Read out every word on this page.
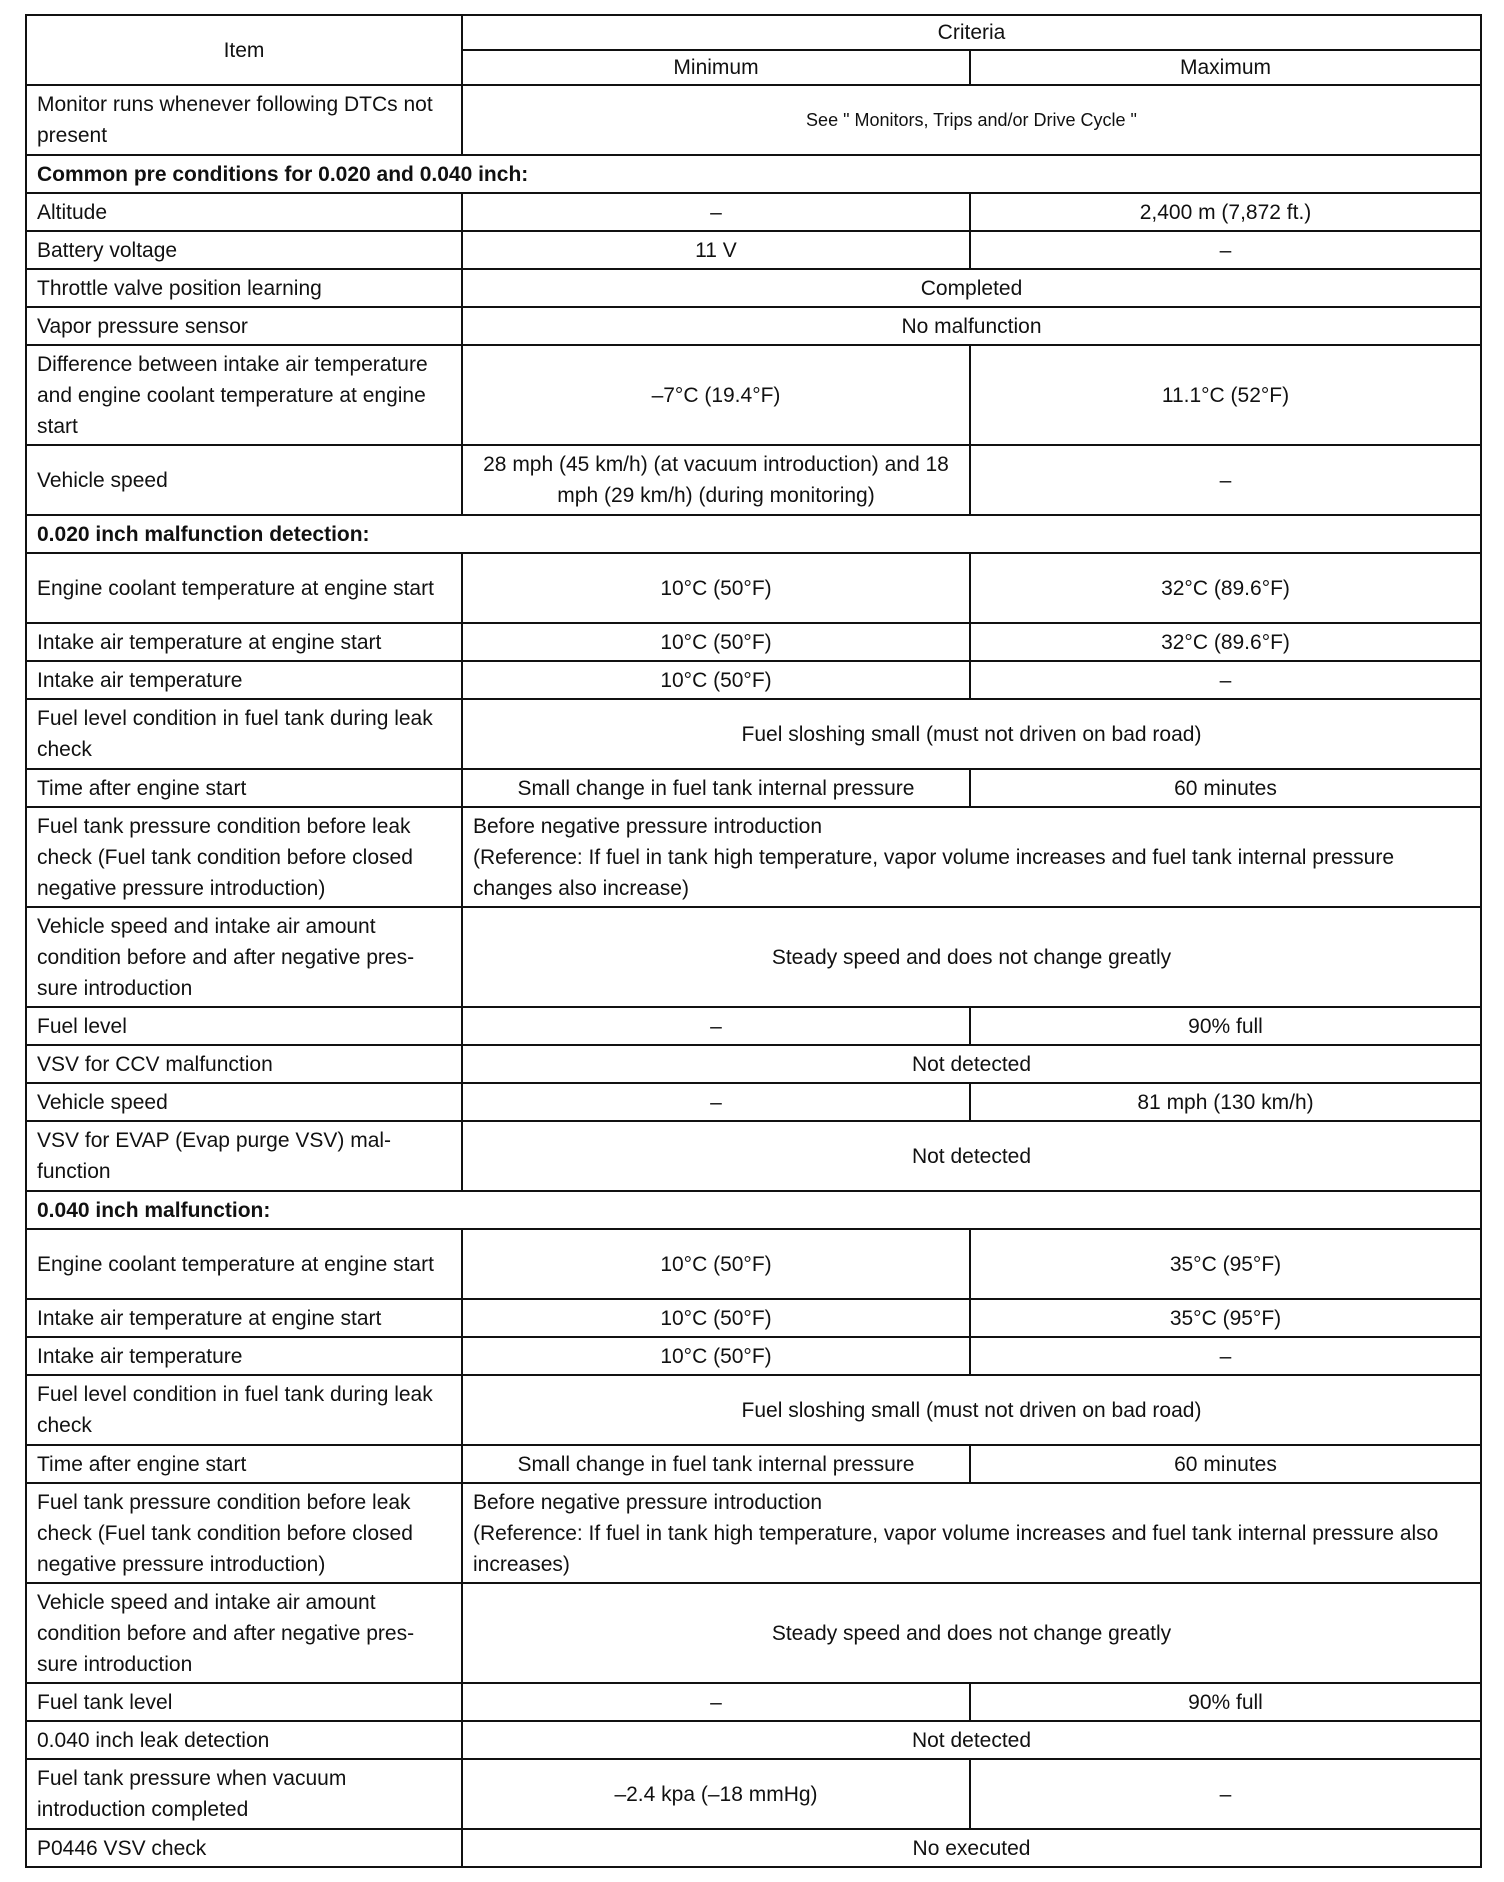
Item	Criteria	
	Minimum	Maximum
Monitor runs whenever following DTCs not present	See " Monitors, Trips and/or Drive Cycle "	
Common pre conditions for 0.020 and 0.040 inch:		
Altitude	–	2,400 m (7,872 ft.)
Battery voltage	11 V	–
Throttle valve position learning	Completed	
Vapor pressure sensor	No malfunction	
Difference between intake air temperature and engine coolant temperature at engine start	–7°C (19.4°F)	11.1°C (52°F)
Vehicle speed	28 mph (45 km/h) (at vacuum introduction) and 18 mph (29 km/h) (during monitoring)	–
0.020 inch malfunction detection:		
Engine coolant temperature at engine start	10°C (50°F)	32°C (89.6°F)
Intake air temperature at engine start	10°C (50°F)	32°C (89.6°F)
Intake air temperature	10°C (50°F)	–
Fuel level condition in fuel tank during leak check	Fuel sloshing small (must not driven on bad road)	
Time after engine start	Small change in fuel tank internal pressure	60 minutes
Fuel tank pressure condition before leak check (Fuel tank condition before closed negative pressure introduction)	Before negative pressure introduction
(Reference: If fuel in tank high temperature, vapor volume increases and fuel tank internal pressure changes also increase)	
Vehicle speed and intake air amount condition before and after negative pres-sure introduction	Steady speed and does not change greatly	
Fuel level	–	90% full
VSV for CCV malfunction	Not detected	
Vehicle speed	–	81 mph (130 km/h)
VSV for EVAP (Evap purge VSV) mal-function	Not detected	
0.040 inch malfunction:		
Engine coolant temperature at engine start	10°C (50°F)	35°C (95°F)
Intake air temperature at engine start	10°C (50°F)	35°C (95°F)
Intake air temperature	10°C (50°F)	–
Fuel level condition in fuel tank during leak check	Fuel sloshing small (must not driven on bad road)	
Time after engine start	Small change in fuel tank internal pressure	60 minutes
Fuel tank pressure condition before leak check (Fuel tank condition before closed negative pressure introduction)	Before negative pressure introduction
(Reference: If fuel in tank high temperature, vapor volume increases and fuel tank internal pressure also increases)	
Vehicle speed and intake air amount condition before and after negative pres-sure introduction	Steady speed and does not change greatly	
Fuel tank level	–	90% full
0.040 inch leak detection	Not detected	
Fuel tank pressure when vacuum introduction completed	–2.4 kpa (–18 mmHg)	–
P0446 VSV check	No executed	
